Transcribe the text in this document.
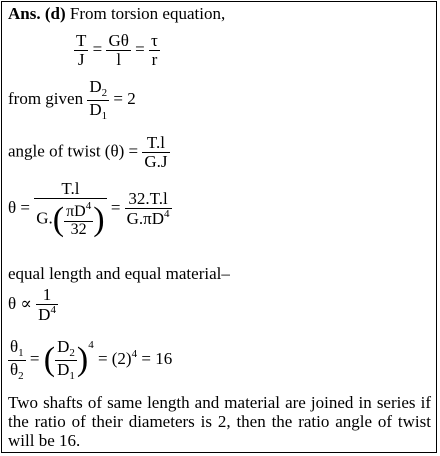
Ans. (d) From torsion equation,
$\frac{T}{J} = \frac{G\theta}{l} = \frac{\tau}{r}$
from given $\frac{D_2}{D_1} = 2$
angle of twist $(\theta) = \frac{T.l}{G.J}$
$\theta = \frac{T.l}{G.( \frac{\pi D^4}{32} )} = \frac{32.T.l}{G.\pi D^4}$
equal length and equal material–
$\theta \propto \frac{1}{D^4}$
$\frac{\theta_1}{\theta_2}$ = ( $\frac{D_2}{D_1} )^4 = (2)^4 = 16$
Two shafts of same length and material are joined in series if the ratio of their diameters is 2, then the ratio angle of twist will be 16.
